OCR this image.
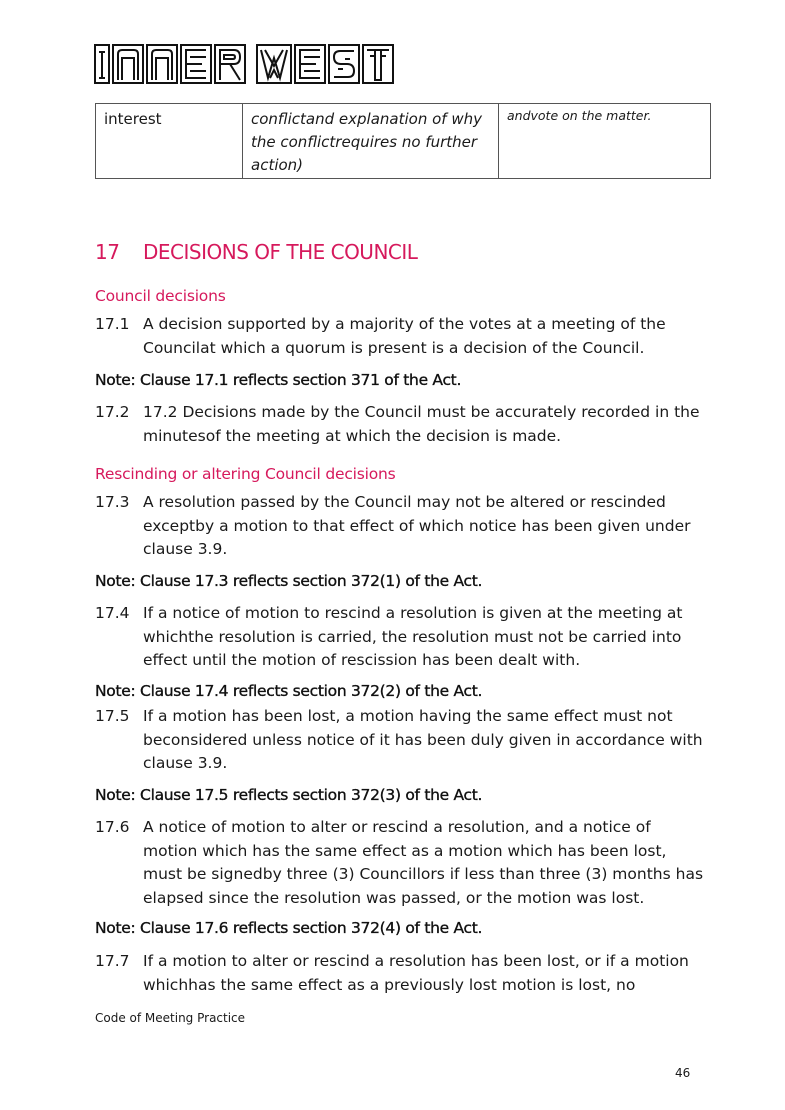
interest	conflictand explanation of why the conflictrequires no further action)	andvote on the matter.
17 DECISIONS OF THE COUNCIL
Council decisions
17.1 A decision supported by a majority of the votes at a meeting of the Councilat which a quorum is present is a decision of the Council.
Note: Clause 17.1 reflects section 371 of the Act.
17.2 17.2 Decisions made by the Council must be accurately recorded in the minutesof the meeting at which the decision is made.
Rescinding or altering Council decisions
17.3 A resolution passed by the Council may not be altered or rescinded exceptby a motion to that effect of which notice has been given under clause 3.9.
Note: Clause 17.3 reflects section 372(1) of the Act.
17.4 If a notice of motion to rescind a resolution is given at the meeting at whichthe resolution is carried, the resolution must not be carried into effect until the motion of rescission has been dealt with.
Note: Clause 17.4 reflects section 372(2) of the Act.
17.5 If a motion has been lost, a motion having the same effect must not beconsidered unless notice of it has been duly given in accordance with clause 3.9.
Note: Clause 17.5 reflects section 372(3) of the Act.
17.6 A notice of motion to alter or rescind a resolution, and a notice of motion which has the same effect as a motion which has been lost, must be signedby three (3) Councillors if less than three (3) months has elapsed since the resolution was passed, or the motion was lost.
Note: Clause 17.6 reflects section 372(4) of the Act.
17.7 If a motion to alter or rescind a resolution has been lost, or if a motion whichhas the same effect as a previously lost motion is lost, no
Code of Meeting Practice
46
